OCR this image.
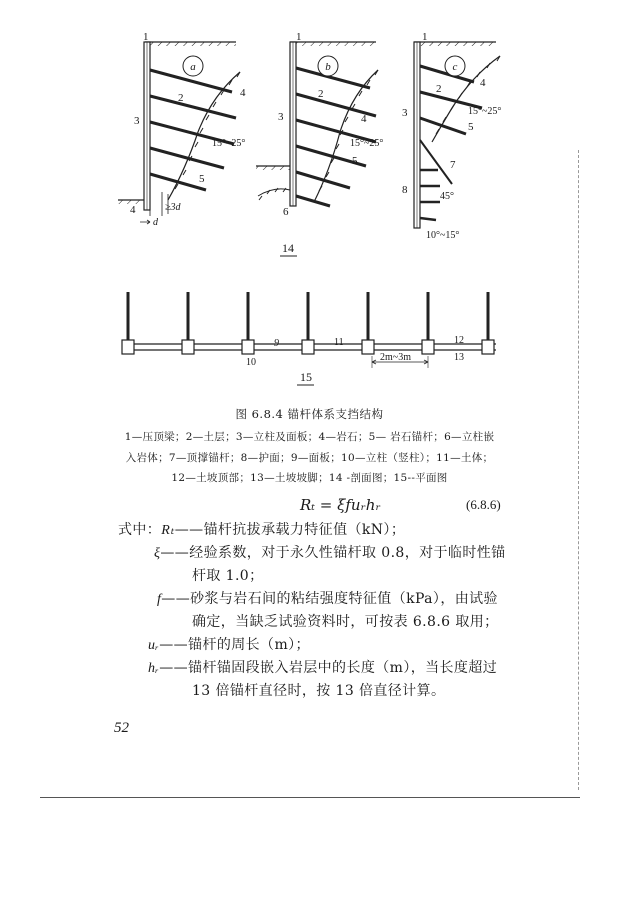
a
1
2
3
4
5
4
15°~25°
≥3d
d
b
1
2
3	4
5
6
15°~25°
c
1
2
3
4
5
7
8
15°~25°
45°
10°~15°
14
9
10
11	12
13
2m~3m
15
图 6.8.4 锚杆体系支挡结构
1—压顶梁；2—土层；3—立柱及面板；4—岩石；5— 岩石锚杆；6—立柱嵌
入岩体；7—顶撑锚杆；8—护面；9—面板；10—立柱（竖柱）；11—土体；
12—土坡顶部；13—土坡坡脚；14 -剖面图；15--平面图
Rₜ = ξfuᵣhᵣ	(6.8.6)
式中：Rₜ——锚杆抗拔承载力特征值（kN）；
ξ——经验系数，对于永久性锚杆取 0.8，对于临时性锚
杆取 1.0；
f——砂浆与岩石间的粘结强度特征值（kPa），由试验
确定，当缺乏试验资料时，可按表 6.8.6 取用；
uᵣ——锚杆的周长（m）；
hᵣ——锚杆锚固段嵌入岩层中的长度（m），当长度超过
13 倍锚杆直径时，按 13 倍直径计算。
52
